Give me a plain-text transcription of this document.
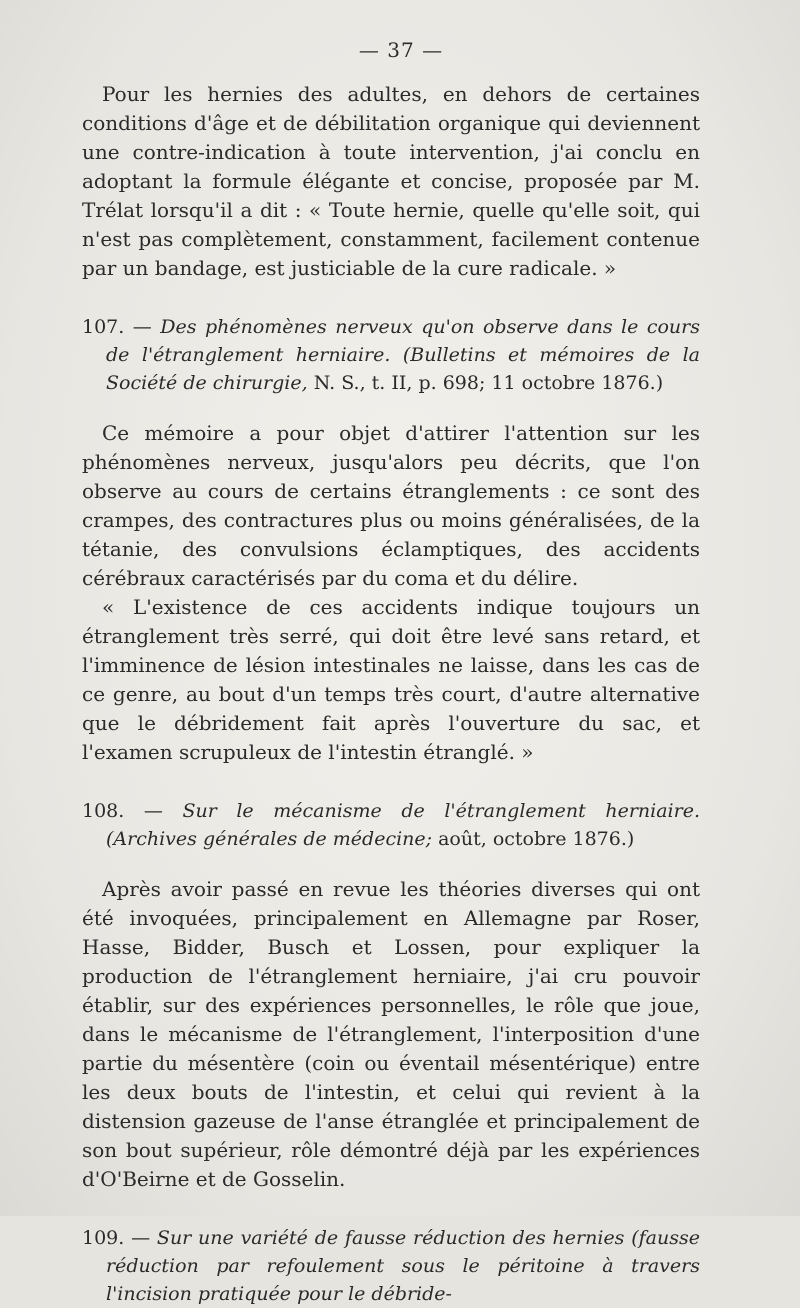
— 37 —

Pour les hernies des adultes, en dehors de certaines conditions d'âge et de débilitation organique qui deviennent une contre-indication à toute intervention, j'ai conclu en adoptant la formule élégante et concise, proposée par M. Trélat lorsqu'il a dit : « Toute hernie, quelle qu'elle soit, qui n'est pas complètement, constamment, facilement contenue par un bandage, est justiciable de la cure radicale. »

107. — Des phénomènes nerveux qu'on observe dans le cours de l'étranglement herniaire. (Bulletins et mémoires de la Société de chirurgie, N. S., t. II, p. 698; 11 octobre 1876.)

Ce mémoire a pour objet d'attirer l'attention sur les phénomènes nerveux, jusqu'alors peu décrits, que l'on observe au cours de certains étranglements : ce sont des crampes, des contractures plus ou moins généralisées, de la tétanie, des convulsions éclamptiques, des accidents cérébraux caractérisés par du coma et du délire.

« L'existence de ces accidents indique toujours un étranglement très serré, qui doit être levé sans retard, et l'imminence de lésion intestinales ne laisse, dans les cas de ce genre, au bout d'un temps très court, d'autre alternative que le débridement fait après l'ouverture du sac, et l'examen scrupuleux de l'intestin étranglé. »

108. — Sur le mécanisme de l'étranglement herniaire. (Archives générales de médecine; août, octobre 1876.)

Après avoir passé en revue les théories diverses qui ont été invoquées, principalement en Allemagne par Roser, Hasse, Bidder, Busch et Lossen, pour expliquer la production de l'étranglement herniaire, j'ai cru pouvoir établir, sur des expériences personnelles, le rôle que joue, dans le mécanisme de l'étranglement, l'interposition d'une partie du mésentère (coin ou éventail mésentérique) entre les deux bouts de l'intestin, et celui qui revient à la distension gazeuse de l'anse étranglée et principalement de son bout supérieur, rôle démontré déjà par les expériences d'O'Beirne et de Gosselin.

109. — Sur une variété de fausse réduction des hernies (fausse réduction par refoulement sous le péritoine à travers l'incision pratiquée pour le débride-
